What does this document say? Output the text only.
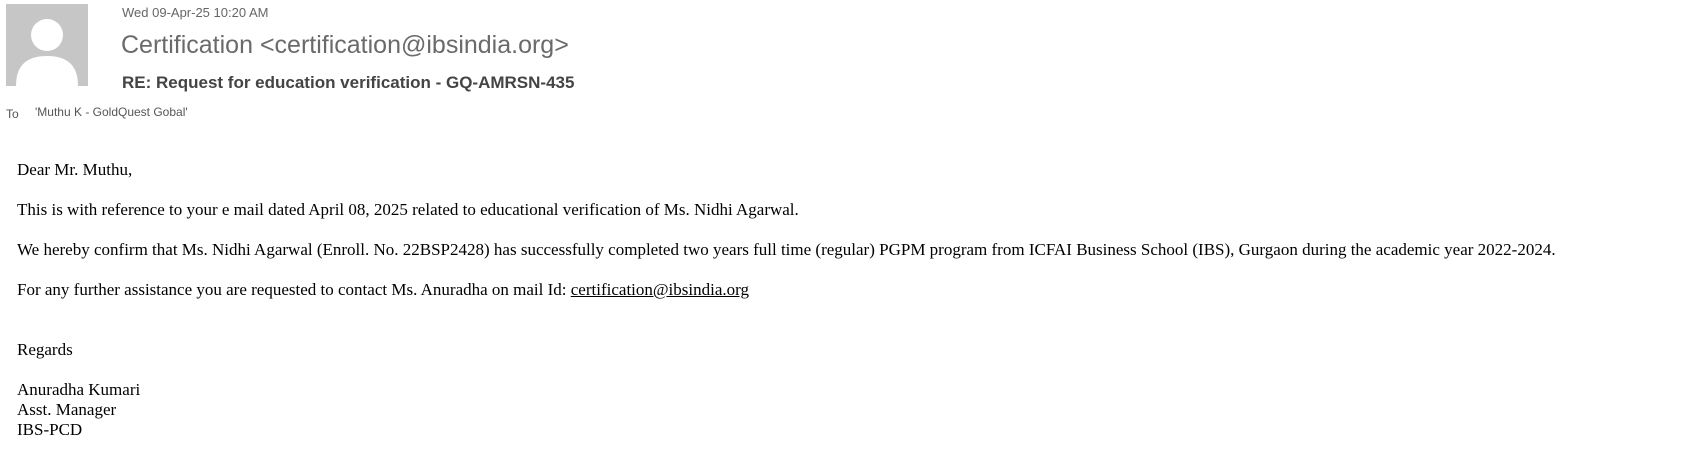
Wed 09-Apr-25 10:20 AM
Certification <certification@ibsindia.org>
RE: Request for education verification - GQ-AMRSN-435
To 'Muthu K - GoldQuest Gobal'

Dear Mr. Muthu,

This is with reference to your e mail dated April 08, 2025 related to educational verification of Ms. Nidhi Agarwal.

We hereby confirm that Ms. Nidhi Agarwal (Enroll. No. 22BSP2428) has successfully completed two years full time (regular) PGPM program from ICFAI Business School (IBS), Gurgaon during the academic year 2022-2024.

For any further assistance you are requested to contact Ms. Anuradha on mail Id: certification@ibsindia.org

Regards

Anuradha Kumari
Asst. Manager
IBS-PCD
